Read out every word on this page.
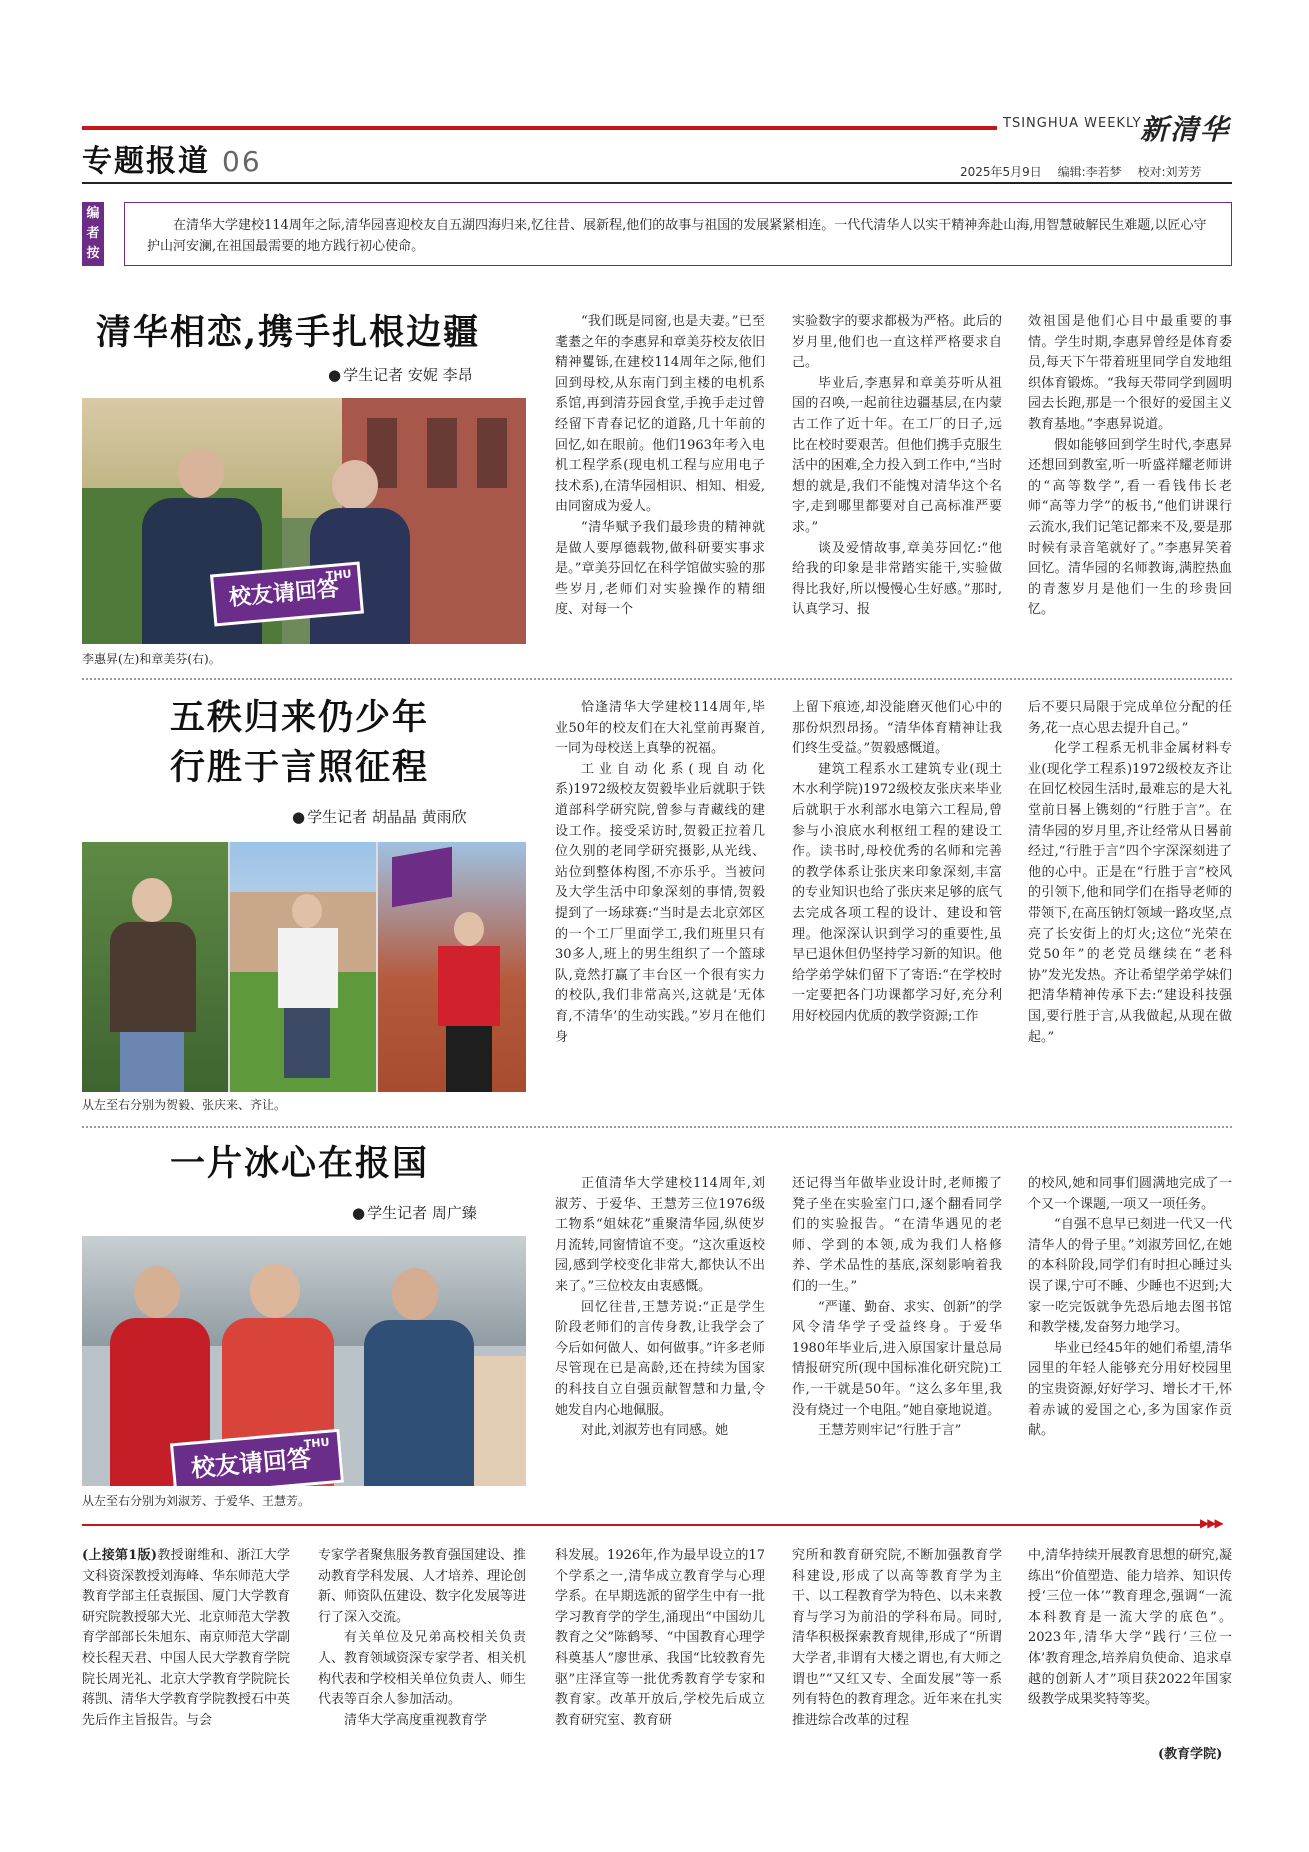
TSINGHUA WEEKLY
新清华
专题报道 06	2025年5月9日 编辑:李若梦 校对:刘芳芳
编者按
在清华大学建校114周年之际,清华园喜迎校友自五湖四海归来,忆往昔、展新程,他们的故事与祖国的发展紧紧相连。一代代清华人以实干精神奔赴山海,用智慧破解民生难题,以匠心守护山河安澜,在祖国最需要的地方践行初心使命。
清华相恋,携手扎根边疆
● 学生记者 安妮 李昂
校友请回答
THU
李惠昇(左)和章美芬(右)。

“我们既是同窗,也是夫妻。”已至耄耋之年的李惠昇和章美芬校友依旧精神矍铄,在建校114周年之际,他们回到母校,从东南门到主楼的电机系系馆,再到清芬园食堂,手挽手走过曾经留下青春记忆的道路,几十年前的回忆,如在眼前。他们1963年考入电机工程学系(现电机工程与应用电子技术系),在清华园相识、相知、相爱,由同窗成为爱人。

“清华赋予我们最珍贵的精神就是做人要厚德载物,做科研要实事求是。”章美芬回忆在科学馆做实验的那些岁月,老师们对实验操作的精细度、对每一个

实验数字的要求都极为严格。此后的岁月里,他们也一直这样严格要求自己。

毕业后,李惠昇和章美芬听从祖国的召唤,一起前往边疆基层,在内蒙古工作了近十年。在工厂的日子,远比在校时要艰苦。但他们携手克服生活中的困难,全力投入到工作中,“当时想的就是,我们不能愧对清华这个名字,走到哪里都要对自己高标准严要求。”

谈及爱情故事,章美芬回忆:“他给我的印象是非常踏实能干,实验做得比我好,所以慢慢心生好感。”那时,认真学习、报

效祖国是他们心目中最重要的事情。学生时期,李惠昇曾经是体育委员,每天下午带着班里同学自发地组织体育锻炼。“我每天带同学到圆明园去长跑,那是一个很好的爱国主义教育基地。”李惠昇说道。

假如能够回到学生时代,李惠昇还想回到教室,听一听盛祥耀老师讲的“高等数学”,看一看钱伟长老师“高等力学”的板书,“他们讲课行云流水,我们记笔记都来不及,要是那时候有录音笔就好了。”李惠昇笑着回忆。清华园的名师教诲,满腔热血的青葱岁月是他们一生的珍贵回忆。

五秩归来仍少年
行胜于言照征程
● 学生记者 胡晶晶 黄雨欣
从左至右分别为贺毅、张庆来、齐让。

恰逢清华大学建校114周年,毕业50年的校友们在大礼堂前再聚首,一同为母校送上真挚的祝福。

工业自动化系(现自动化系)1972级校友贺毅毕业后就职于铁道部科学研究院,曾参与青藏线的建设工作。接受采访时,贺毅正拉着几位久别的老同学研究摄影,从光线、站位到整体构图,不亦乐乎。当被问及大学生活中印象深刻的事情,贺毅提到了一场球赛:“当时是去北京郊区的一个工厂里面学工,我们班里只有30多人,班上的男生组织了一个篮球队,竟然打赢了丰台区一个很有实力的校队,我们非常高兴,这就是‘无体育,不清华’的生动实践。”岁月在他们身

上留下痕迹,却没能磨灭他们心中的那份炽烈昂扬。“清华体育精神让我们终生受益。”贺毅感慨道。

建筑工程系水工建筑专业(现土木水利学院)1972级校友张庆来毕业后就职于水利部水电第六工程局,曾参与小浪底水利枢纽工程的建设工作。读书时,母校优秀的名师和完善的教学体系让张庆来印象深刻,丰富的专业知识也给了张庆来足够的底气去完成各项工程的设计、建设和管理。他深深认识到学习的重要性,虽早已退休但仍坚持学习新的知识。他给学弟学妹们留下了寄语:“在学校时一定要把各门功课都学习好,充分利用好校园内优质的教学资源;工作

后不要只局限于完成单位分配的任务,花一点心思去提升自己。”

化学工程系无机非金属材料专业(现化学工程系)1972级校友齐让在回忆校园生活时,最难忘的是大礼堂前日晷上镌刻的“行胜于言”。在清华园的岁月里,齐让经常从日晷前经过,“行胜于言”四个字深深刻进了他的心中。正是在“行胜于言”校风的引领下,他和同学们在指导老师的带领下,在高压钠灯领域一路攻坚,点亮了长安街上的灯火;这位“光荣在党50年”的老党员继续在“老科协”发光发热。齐让希望学弟学妹们把清华精神传承下去:“建设科技强国,要行胜于言,从我做起,从现在做起。”

一片冰心在报国
● 学生记者 周广臻
校友请回答
THU
从左至右分别为刘淑芳、于爱华、王慧芳。

正值清华大学建校114周年,刘淑芳、于爱华、王慧芳三位1976级工物系“姐妹花”重聚清华园,纵使岁月流转,同窗情谊不变。“这次重返校园,感到学校变化非常大,都快认不出来了。”三位校友由衷感慨。

回忆往昔,王慧芳说:“正是学生阶段老师们的言传身教,让我学会了今后如何做人、如何做事。”许多老师尽管现在已是高龄,还在持续为国家的科技自立自强贡献智慧和力量,令她发自内心地佩服。

对此,刘淑芳也有同感。她

还记得当年做毕业设计时,老师搬了凳子坐在实验室门口,逐个翻看同学们的实验报告。“在清华遇见的老师、学到的本领,成为我们人格修养、学术品性的基底,深刻影响着我们的一生。”

“严谨、勤奋、求实、创新”的学风令清华学子受益终身。于爱华1980年毕业后,进入原国家计量总局情报研究所(现中国标准化研究院)工作,一干就是50年。“这么多年里,我没有烧过一个电阻。”她自豪地说道。

王慧芳则牢记“行胜于言”

的校风,她和同事们圆满地完成了一个又一个课题,一项又一项任务。

“自强不息早已刻进一代又一代清华人的骨子里。”刘淑芳回忆,在她的本科阶段,同学们有时担心睡过头误了课,宁可不睡、少睡也不迟到;大家一吃完饭就争先恐后地去图书馆和教学楼,发奋努力地学习。

毕业已经45年的她们希望,清华园里的年轻人能够充分用好校园里的宝贵资源,好好学习、增长才干,怀着赤诚的爱国之心,多为国家作贡献。

▶▶▶
(上接第1版)教授谢维和、浙江大学文科资深教授刘海峰、华东师范大学教育学部主任袁振国、厦门大学教育研究院教授邬大光、北京师范大学教育学部部长朱旭东、南京师范大学副校长程天君、中国人民大学教育学院院长周光礼、北京大学教育学院院长蒋凯、清华大学教育学院教授石中英先后作主旨报告。与会

专家学者聚焦服务教育强国建设、推动教育学科发展、人才培养、理论创新、师资队伍建设、数字化发展等进行了深入交流。

有关单位及兄弟高校相关负责人、教育领域资深专家学者、相关机构代表和学校相关单位负责人、师生代表等百余人参加活动。

清华大学高度重视教育学

科发展。1926年,作为最早设立的17个学系之一,清华成立教育学与心理学系。在早期选派的留学生中有一批学习教育学的学生,涌现出“中国幼儿教育之父”陈鹤琴、“中国教育心理学科奠基人”廖世承、我国“比较教育先驱”庄泽宣等一批优秀教育学专家和教育家。改革开放后,学校先后成立教育研究室、教育研
究所和教育研究院,不断加强教育学科建设,形成了以高等教育学为主干、以工程教育学为特色、以未来教育与学习为前沿的学科布局。同时,清华积极探索教育规律,形成了“所谓大学者,非谓有大楼之谓也,有大师之谓也”“又红又专、全面发展”等一系列有特色的教育理念。近年来在扎实推进综合改革的过程
中,清华持续开展教育思想的研究,凝练出“价值塑造、能力培养、知识传授‘三位一体’”教育理念,强调“一流本科教育是一流大学的底色”。2023年,清华大学“践行‘三位一体’教育理念,培养肩负使命、追求卓越的创新人才”项目获2022年国家级教学成果奖特等奖。
(教育学院)
